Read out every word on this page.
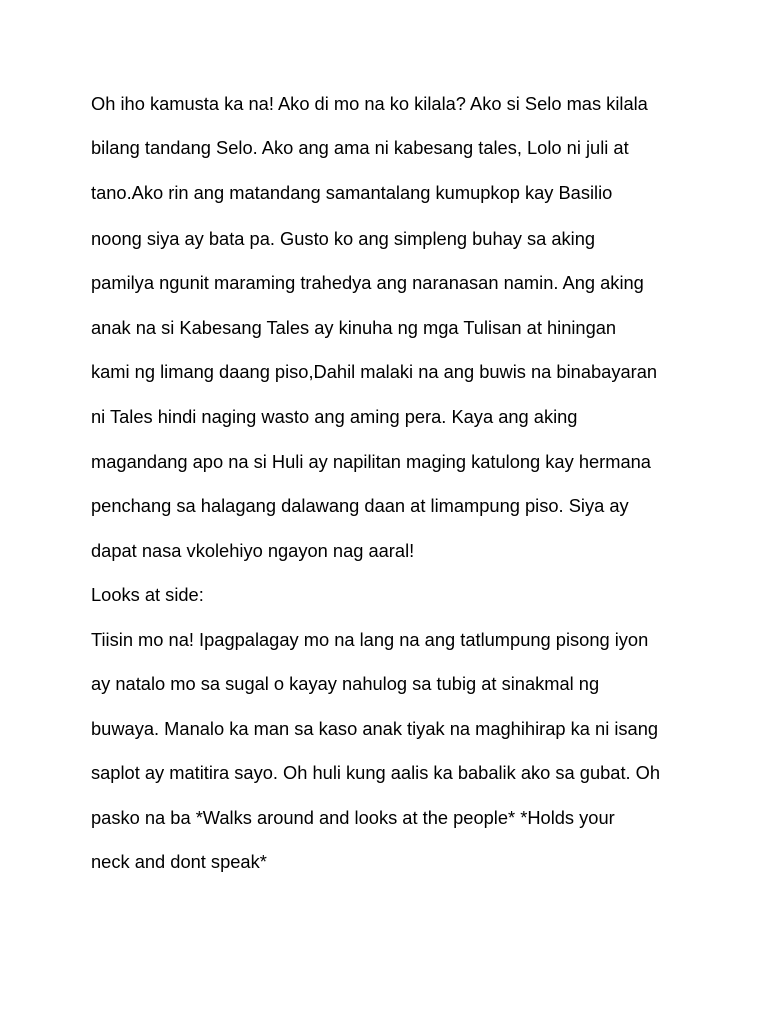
Oh iho kamusta ka na! Ako di mo na ko kilala? Ako si Selo mas kilala
bilang tandang Selo. Ako ang ama ni kabesang tales, Lolo ni juli at
tano.Ako rin ang matandang samantalang kumupkop kay Basilio
noong siya ay bata pa. Gusto ko ang simpleng buhay sa aking
pamilya ngunit maraming trahedya ang naranasan namin. Ang aking
anak na si Kabesang Tales ay kinuha ng mga Tulisan at hiningan
kami ng limang daang piso,Dahil malaki na ang buwis na binabayaran
ni Tales hindi naging wasto ang aming pera. Kaya ang aking
magandang apo na si Huli ay napilitan maging katulong kay hermana
penchang sa halagang dalawang daan at limampung piso. Siya ay
dapat nasa vkolehiyo ngayon nag aaral!
Looks at side:
Tiisin mo na! Ipagpalagay mo na lang na ang tatlumpung pisong iyon
ay natalo mo sa sugal o kayay nahulog sa tubig at sinakmal ng
buwaya. Manalo ka man sa kaso anak tiyak na maghihirap ka ni isang
saplot ay matitira sayo. Oh huli kung aalis ka babalik ako sa gubat. Oh
pasko na ba *Walks around and looks at the people* *Holds your
neck and dont speak*
